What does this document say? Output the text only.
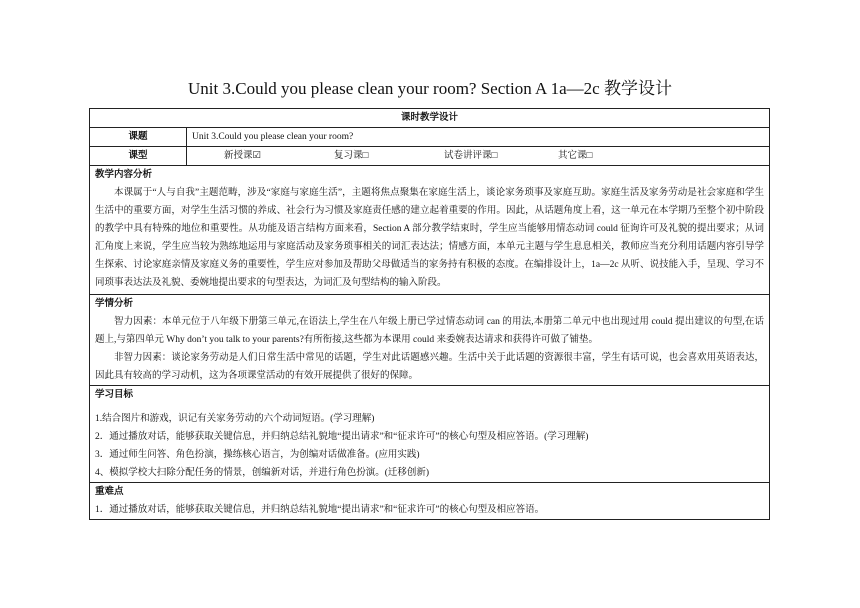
Unit 3.Could you please clean your room? Section A 1a—2c 教学设计
课时教学设计	
课题	Unit 3.Could you please clean your room?
课型	新授课☑ 复习课□ 试卷讲评课□ 其它课□

教学内容分析
本课属于“人与自我”主题范畴，涉及“家庭与家庭生活”，主题将焦点聚集在家庭生活上，谈论家务琐事及家庭互助。家庭生活及家务劳动是社会家庭和学生生活中的重要方面，对学生生活习惯的养成、社会行为习惯及家庭责任感的建立起着重要的作用。因此，从话题角度上看，这一单元在本学期乃至整个初中阶段的教学中具有特殊的地位和重要性。从功能及语言结构方面来看，Section A 部分教学结束时，学生应当能够用情态动词 could 征询许可及礼貌的提出要求；从词汇角度上来说，学生应当较为熟练地运用与家庭活动及家务琐事相关的词汇表达法；情感方面，本单元主题与学生息息相关，教师应当充分利用话题内容引导学生探索、讨论家庭亲情及家庭义务的重要性，学生应对参加及帮助父母做适当的家务持有积极的态度。在编排设计上，1a—2c 从听、说技能入手，呈现、学习不同琐事表达法及礼貌、委婉地提出要求的句型表达，为词汇及句型结构的输入阶段。	

学情分析
智力因素：本单元位于八年级下册第三单元,在语法上,学生在八年级上册已学过情态动词 can 的用法,本册第二单元中也出现过用 could 提出建议的句型,在话题上,与第四单元 Why don’t you talk to your parents?有所衔接,这些都为本课用 could 来委婉表达请求和获得许可做了铺垫。
非智力因素：谈论家务劳动是人们日常生活中常见的话题，学生对此话题感兴趣。生活中关于此话题的资源很丰富，学生有话可说，也会喜欢用英语表达，因此具有较高的学习动机，这为各项课堂活动的有效开展提供了很好的保障。	

学习目标
1.结合图片和游戏，识记有关家务劳动的六个动词短语。(学习理解)
2．通过播放对话，能够获取关键信息，并归纳总结礼貌地“提出请求”和“征求许可”的核心句型及相应答语。(学习理解)
3．通过师生问答、角色扮演，操练核心语言，为创编对话做准备。(应用实践)
4、模拟学校大扫除分配任务的情景，创编新对话，并进行角色扮演。(迁移创新)	

重难点
1．通过播放对话，能够获取关键信息，并归纳总结礼貌地“提出请求”和“征求许可”的核心句型及相应答语。	
